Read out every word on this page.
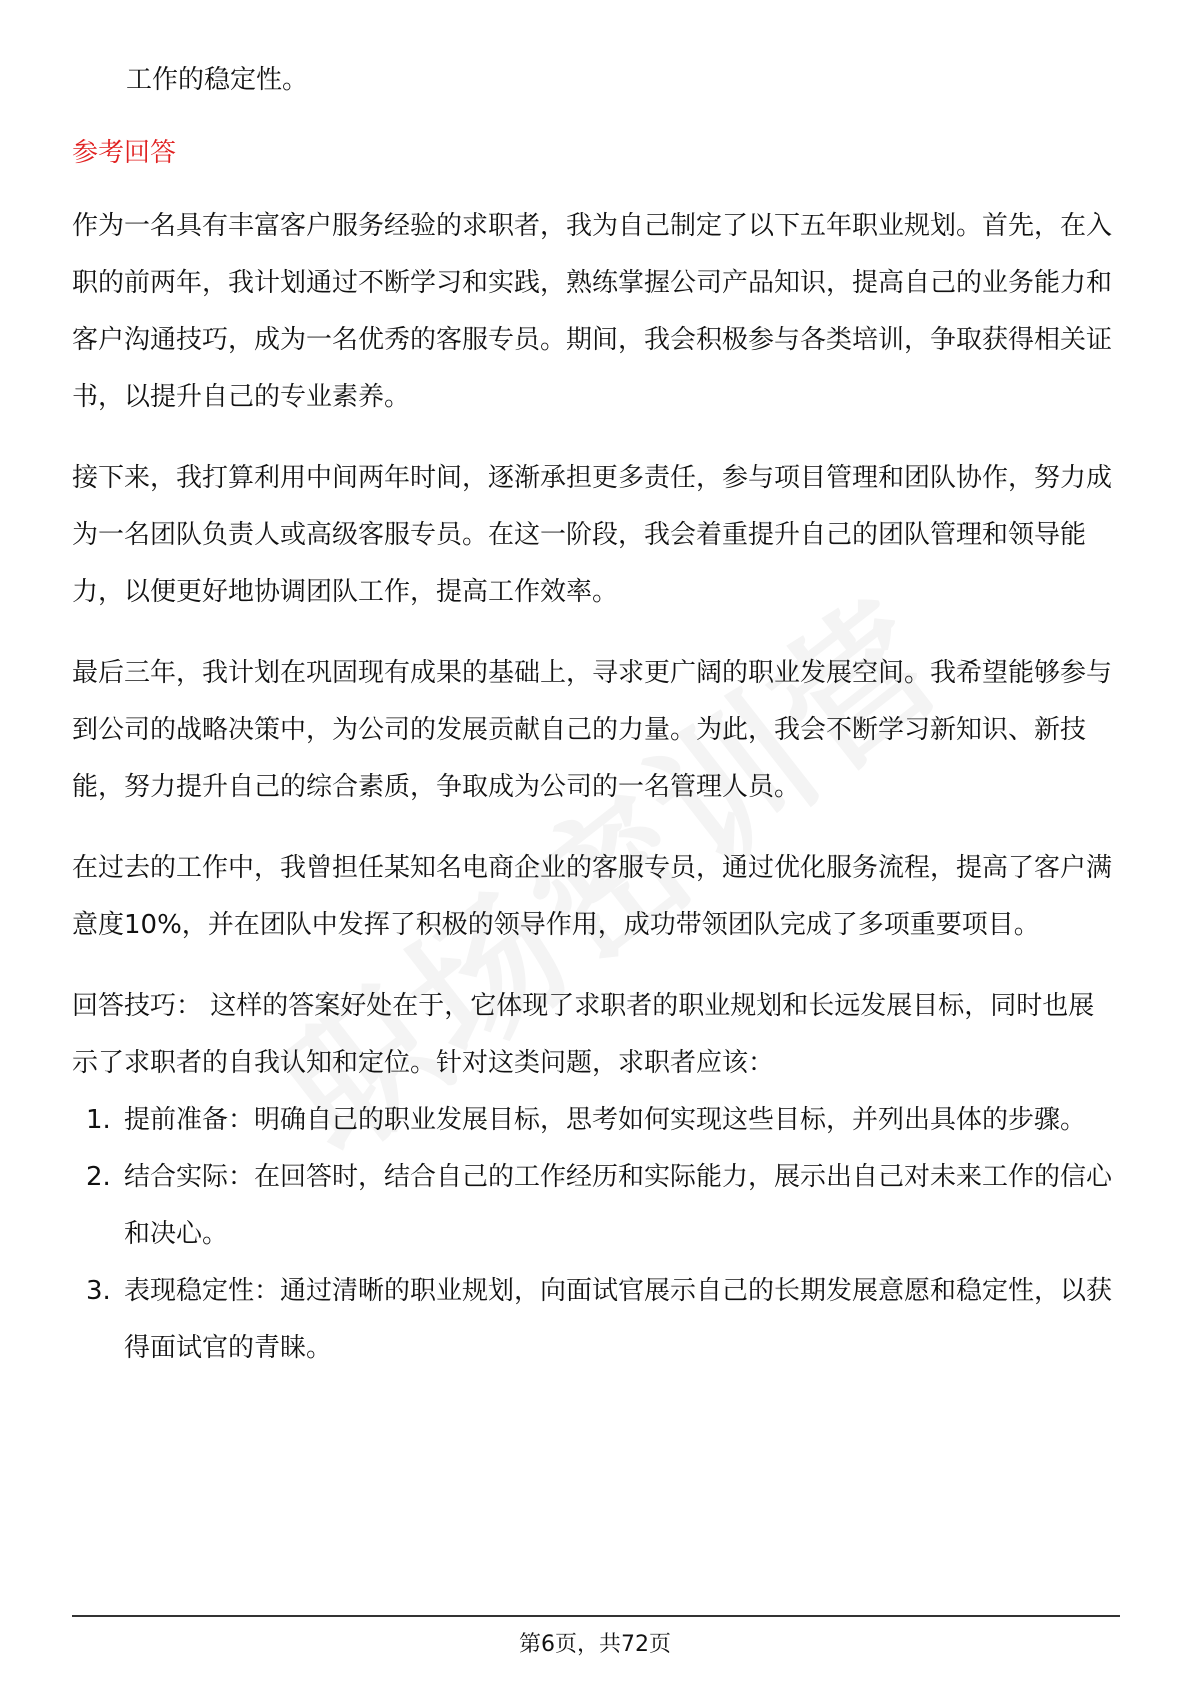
工作的稳定性。

参考回答

作为一名具有丰富客户服务经验的求职者，我为自己制定了以下五年职业规划。首先，在入职的前两年，我计划通过不断学习和实践，熟练掌握公司产品知识，提高自己的业务能力和客户沟通技巧，成为一名优秀的客服专员。期间，我会积极参与各类培训，争取获得相关证书，以提升自己的专业素养。

接下来，我打算利用中间两年时间，逐渐承担更多责任，参与项目管理和团队协作，努力成为一名团队负责人或高级客服专员。在这一阶段，我会着重提升自己的团队管理和领导能力，以便更好地协调团队工作，提高工作效率。

最后三年，我计划在巩固现有成果的基础上，寻求更广阔的职业发展空间。我希望能够参与到公司的战略决策中，为公司的发展贡献自己的力量。为此，我会不断学习新知识、新技能，努力提升自己的综合素质，争取成为公司的一名管理人员。

在过去的工作中，我曾担任某知名电商企业的客服专员，通过优化服务流程，提高了客户满意度10%，并在团队中发挥了积极的领导作用，成功带领团队完成了多项重要项目。

回答技巧： 这样的答案好处在于，它体现了求职者的职业规划和长远发展目标，同时也展示了求职者的自我认知和定位。针对这类问题，求职者应该：

1. 提前准备：明确自己的职业发展目标，思考如何实现这些目标，并列出具体的步骤。
2. 结合实际：在回答时，结合自己的工作经历和实际能力，展示出自己对未来工作的信心和决心。
3. 表现稳定性：通过清晰的职业规划，向面试官展示自己的长期发展意愿和稳定性，以获得面试官的青睐。
第6页，共72页
